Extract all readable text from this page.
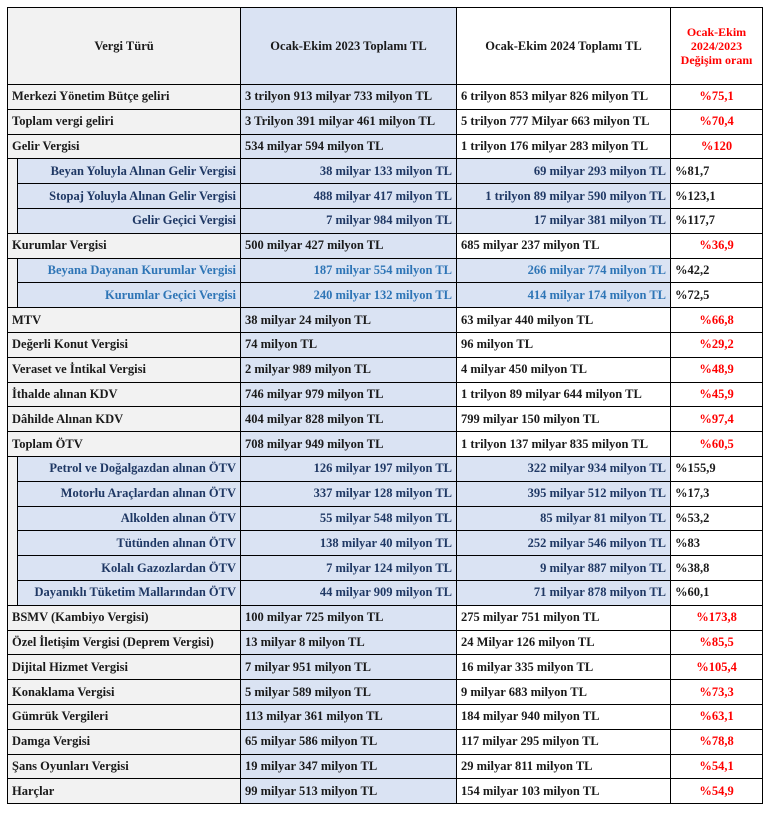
Vergi Türü		Ocak-Ekim 2023 Toplamı TL	Ocak-Ekim 2024 Toplamı TL	Ocak-Ekim
2024/2023
Değişim oranı
Merkezi Yönetim Bütçe geliri		3 trilyon 913 milyar 733 milyon TL	6 trilyon 853 milyar 826 milyon TL	%75,1
Toplam vergi geliri		3 Trilyon 391 milyar 461 milyon TL	5 trilyon 777 Milyar 663 milyon TL	%70,4
Gelir Vergisi		534 milyar 594 milyon TL	1 trilyon 176 milyar 283 milyon TL	%120
	Beyan Yoluyla Alınan Gelir Vergisi	38 milyar 133 milyon TL	69 milyar 293 milyon TL	%81,7
	Stopaj Yoluyla Alınan Gelir Vergisi	488 milyar 417 milyon TL	1 trilyon 89 milyar 590 milyon TL	%123,1
	Gelir Geçici Vergisi	7 milyar 984 milyon TL	17 milyar 381 milyon TL	%117,7
Kurumlar Vergisi		500 milyar 427 milyon TL	685 milyar 237 milyon TL	%36,9
	Beyana Dayanan Kurumlar Vergisi	187 milyar 554 milyon TL	266 milyar 774 milyon TL	%42,2
	Kurumlar Geçici Vergisi	240 milyar 132 milyon TL	414 milyar 174 milyon TL	%72,5
MTV		38 milyar 24 milyon TL	63 milyar 440 milyon TL	%66,8
Değerli Konut Vergisi		74 milyon TL	96 milyon TL	%29,2
Veraset ve İntikal Vergisi		2 milyar 989 milyon TL	4 milyar 450 milyon TL	%48,9
İthalde alınan KDV		746 milyar 979 milyon TL	1 trilyon 89 milyar 644 milyon TL	%45,9
Dâhilde Alınan KDV		404 milyar 828 milyon TL	799 milyar 150 milyon TL	%97,4
Toplam ÖTV		708 milyar 949 milyon TL	1 trilyon 137 milyar 835 milyon TL	%60,5
	Petrol ve Doğalgazdan alınan ÖTV	126 milyar 197 milyon TL	322 milyar 934 milyon TL	%155,9
	Motorlu Araçlardan alınan ÖTV	337 milyar 128 milyon TL	395 milyar 512 milyon TL	%17,3
	Alkolden alınan ÖTV	55 milyar 548 milyon TL	85 milyar 81 milyon TL	%53,2
	Tütünden alınan ÖTV	138 milyar 40 milyon TL	252 milyar 546 milyon TL	%83
	Kolalı Gazozlardan ÖTV	7 milyar 124 milyon TL	9 milyar 887 milyon TL	%38,8
	Dayanıklı Tüketim Mallarından ÖTV	44 milyar 909 milyon TL	71 milyar 878 milyon TL	%60,1
BSMV (Kambiyo Vergisi)		100 milyar 725 milyon TL	275 milyar 751 milyon TL	%173,8
Özel İletişim Vergisi (Deprem Vergisi)		13 milyar 8 milyon TL	24 Milyar 126 milyon TL	%85,5
Dijital Hizmet Vergisi		7 milyar 951 milyon TL	16 milyar 335 milyon TL	%105,4
Konaklama Vergisi		5 milyar 589 milyon TL	9 milyar 683 milyon TL	%73,3
Gümrük Vergileri		113 milyar 361 milyon TL	184 milyar 940 milyon TL	%63,1
Damga Vergisi		65 milyar 586 milyon TL	117 milyar 295 milyon TL	%78,8
Şans Oyunları Vergisi		19 milyar 347 milyon TL	29 milyar 811 milyon TL	%54,1
Harçlar		99 milyar 513 milyon TL	154 milyar 103 milyon TL	%54,9
